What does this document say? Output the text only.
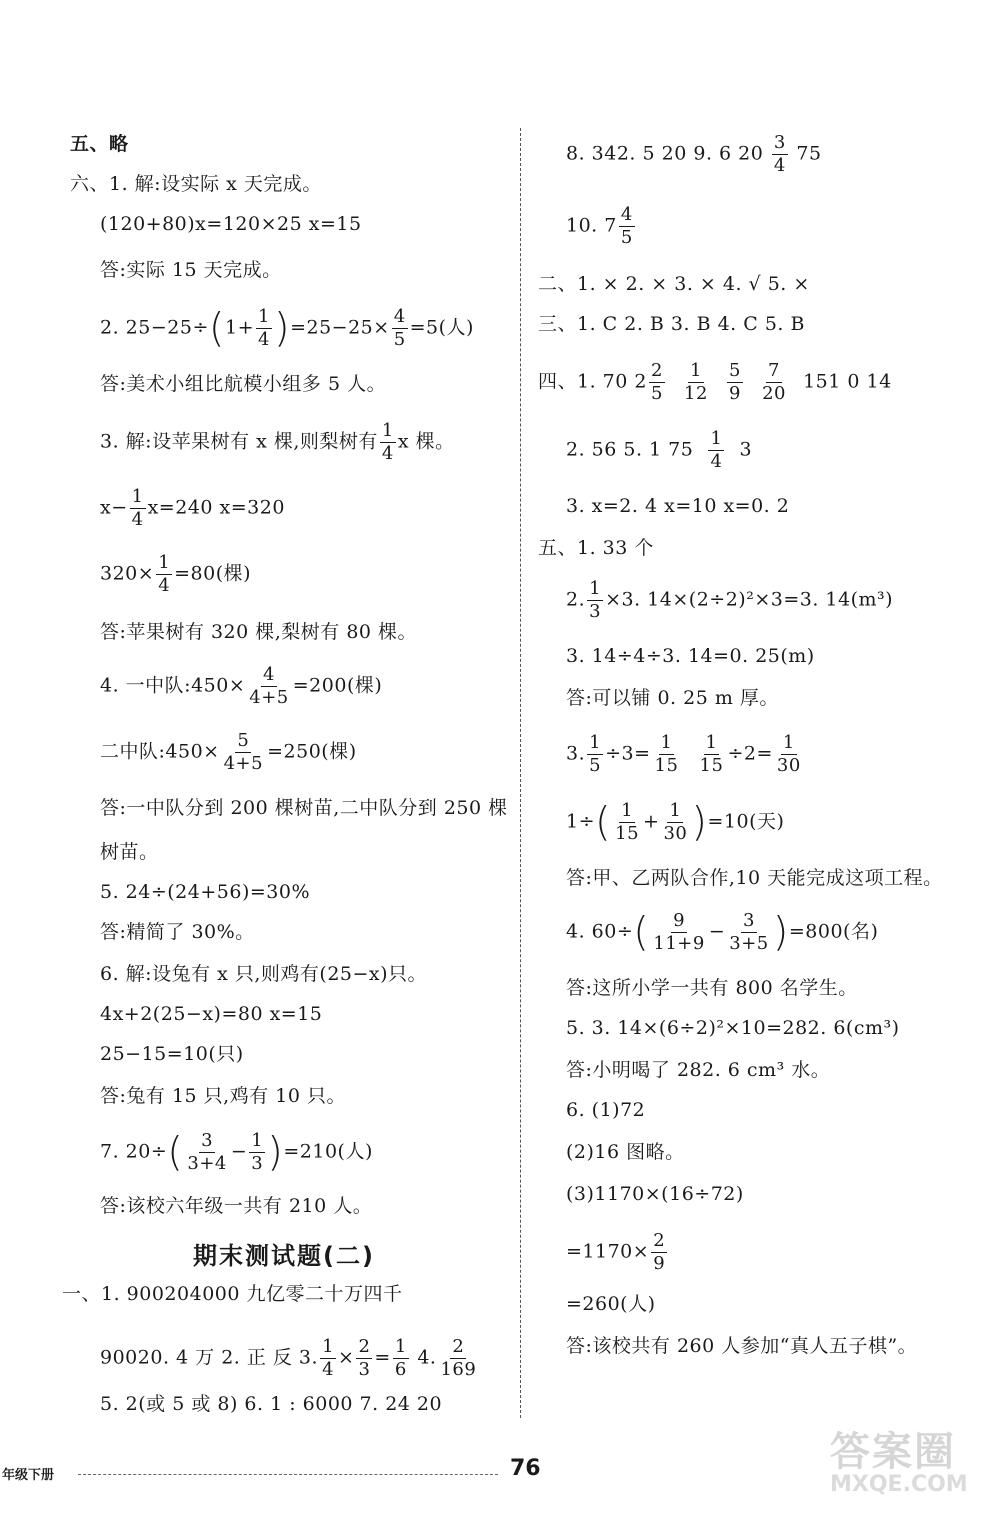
五、略
六、1. 解:设实际 x 天完成。
(120+80)x=120×25 x=15
答:实际 15 天完成。
2. $25-25\div(1+ \frac{1}{4} )=25-25\times \frac{4}{5} =5$(人)
答:美术小组比航模小组多 5 人。
3. 解:设苹果树有 x 棵,则梨树有 $\frac{1}{4}$ x 棵。
$x- \frac{1}{4} x=240$ x=320
$320\times \frac{1}{4} =80$(棵)
答:苹果树有 320 棵,梨树有 80 棵。
4. 一中队:450× $\frac{4}{4+5} =200$(棵)
二中队:450× $\frac{5}{4+5} =250$(棵)
答:一中队分到 200 棵树苗,二中队分到 250 棵
树苗。
5. 24÷(24+56)=30%
答:精简了 30%。
6. 解:设兔有 x 只,则鸡有(25−x)只。
4x+2(25−x)=80 x=15
25−15=10(只)
答:兔有 15 只,鸡有 10 只。
7. $20\div( \frac{3}{3+4} - \frac{1}{3} )=210$(人)
答:该校六年级一共有 210 人。
期末测试题(二)
一、1. 900204000 九亿零二十万四千
90020. 4 万 2. 正 反 3. $\frac{1}{4} \times \frac{2}{3} = \frac{1}{6} 4$. $\frac{2}{169}$
5. 2(或 5 或 8) 6. 1 : 6000 7. 24 20
8. 342. 5 20 9. 6 $20 \frac{3}{4} 75$
10. $7 \frac{4}{5}$
二、1. × 2. × 3. × 4. √ 5. ×
三、1. C 2. B 3. B 4. C 5. B
四、1. 70 $2 \frac{2}{5}$
$\frac{1}{12}$
$\frac{5}{9}$
$\frac{7}{20} 151$ 0 14
2. 56 5. 1 $75 \frac{1}{4} 3$
3. x=2. 4 x=10 x=0. 2
五、1. 33 个
2. $\frac{1}{3} \times 3$. 14×(2÷2)²×3=3. 14(m³)
3. 14÷4÷3. 14=0. 25(m)
答:可以铺 0. 25 m 厚。
3. $\frac{1}{5} \div 3= \frac{1}{15}$
$\frac{1}{15} \div 2= \frac{1}{30}$
$1\div( \frac{1}{15} + \frac{1}{30} )=10$(天)
答:甲、乙两队合作,10 天能完成这项工程。
4. $60\div( \frac{9}{11+9} - \frac{3}{3+5} )=800$(名)
答:这所小学一共有 800 名学生。
5. 3. 14×(6÷2)²×10=282. 6(cm³)
答:小明喝了 282. 6 cm³ 水。
6. (1)72
(2)16 图略。
(3)1170×(16÷72)
$=1170\times \frac{2}{9}$
=260(人)
答:该校共有 260 人参加“真人五子棋”。
年级下册	76	答案圈
MXQE.COM
